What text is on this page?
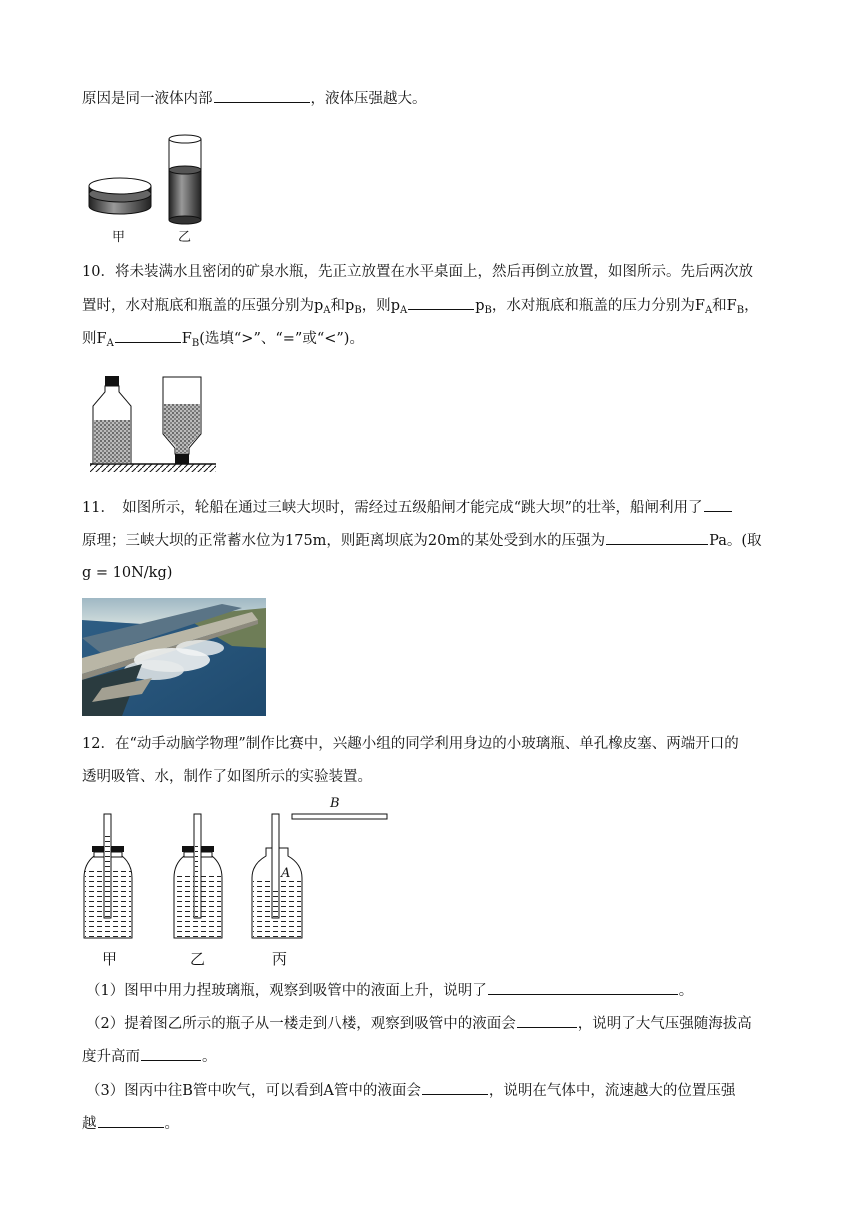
原因是同一液体内部	，液体压强越大。
甲	乙
10．将未装满水且密闭的矿泉水瓶，先正立放置在水平桌面上，然后再倒立放置，如图所示。先后两次放
置时，水对瓶底和瓶盖的压强分别为$p_A$和$p_B$，则$p_A$	$p_B$，水对瓶底和瓶盖的压力分别为$F_A$和$F_B$，
则$F_A$	$F_B$(选填“>”、“=”或“<”)。
11．　如图所示，轮船在通过三峡大坝时，需经过五级船闸才能完成“跳大坝”的壮举，船闸利用了
原理；三峡大坝的正常蓄水位为175m，则距离坝底为20m的某处受到水的压强为	Pa。(取
g = 10N/kg)
12．在“动手动脑学物理”制作比赛中，兴趣小组的同学利用身边的小玻璃瓶、单孔橡皮塞、两端开口的
透明吸管、水，制作了如图所示的实验装置。
B
A
甲	乙	丙
（1）图甲中用力捏玻璃瓶，观察到吸管中的液面上升，说明了	。
（2）提着图乙所示的瓶子从一楼走到八楼，观察到吸管中的液面会	，说明了大气压强随海拔高
度升高而	。
（3）图丙中往B管中吹气，可以看到A管中的液面会	，说明在气体中，流速越大的位置压强
越	。
